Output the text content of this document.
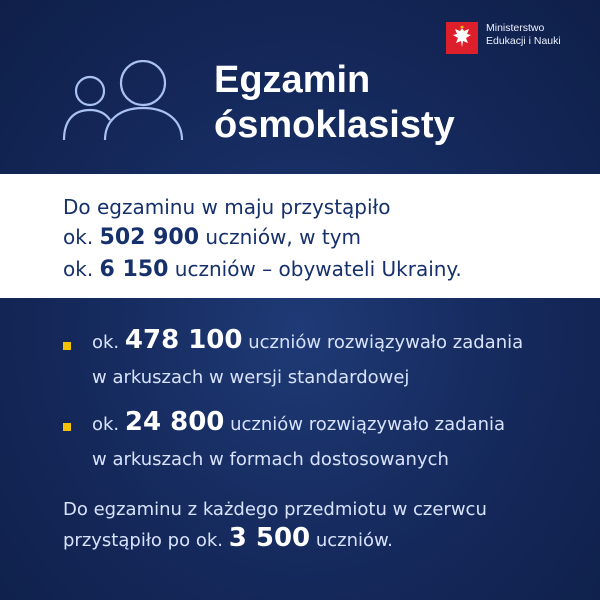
Ministerstwo
Edukacji i Nauki
Egzamin
ósmoklasisty
Do egzaminu w maju przystąpiło
ok. 502 900 uczniów, w tym
ok. 6 150 uczniów – obywateli Ukrainy.
ok. 478 100 uczniów rozwiązywało zadania
w arkuszach w wersji standardowej
ok. 24 800 uczniów rozwiązywało zadania
w arkuszach w formach dostosowanych
Do egzaminu z każdego przedmiotu w czerwcu
przystąpiło po ok. 3 500 uczniów.
